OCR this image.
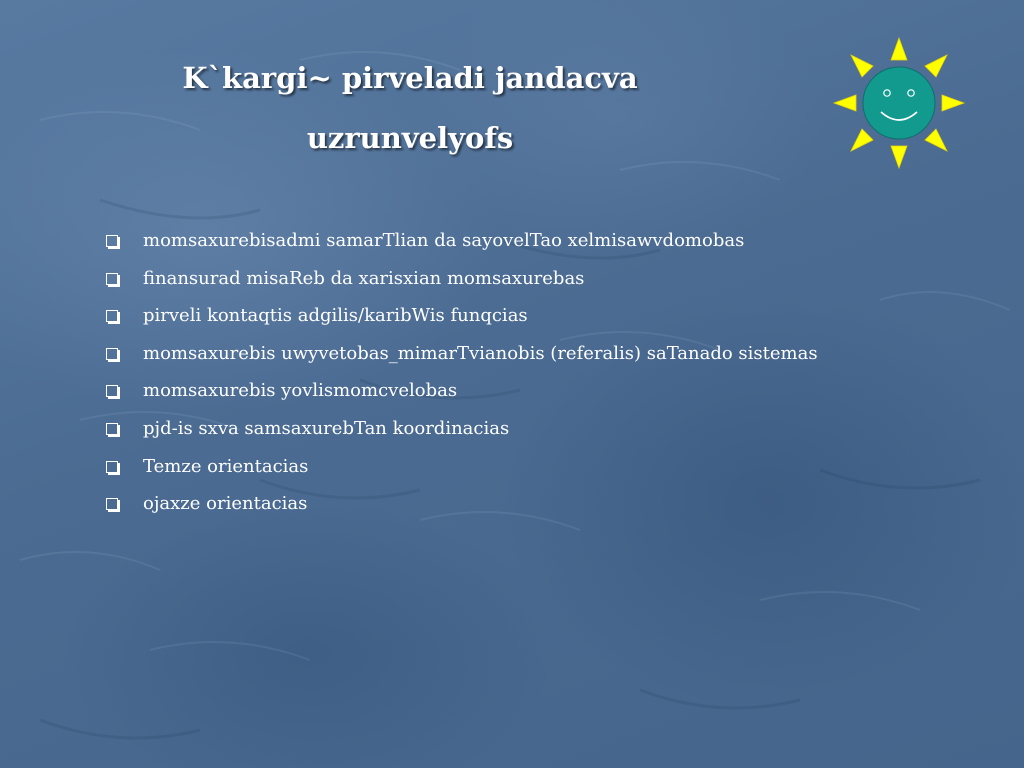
K`kargi~ pirveladi jandacva
uzrunvelyofs
momsaxurebisadmi samarTlian da sayovelTao xelmisawvdomobas
finansurad misaReb da xarisxian momsaxurebas
pirveli kontaqtis adgilis/karibWis funqcias
momsaxurebis uwyvetobas_mimarTvianobis (referalis) saTanado sistemas
momsaxurebis yovlismomcvelobas
pjd-is sxva samsaxurebTan koordinacias
Temze orientacias
ojaxze orientacias
